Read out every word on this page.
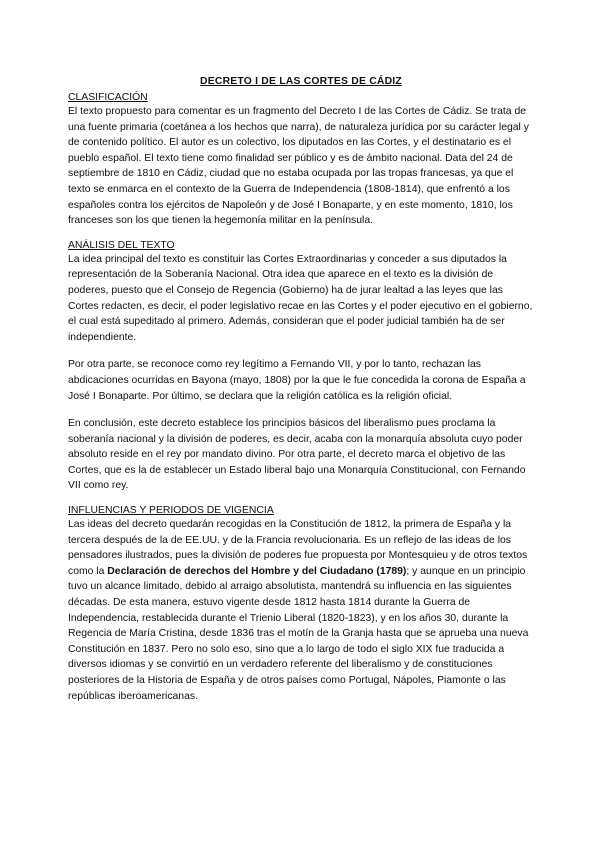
DECRETO I DE LAS CORTES DE CÁDIZ
CLASIFICACIÓN

El texto propuesto para comentar es un fragmento del Decreto I de las Cortes de Cádiz. Se trata de una fuente primaria (coetánea a los hechos que narra), de naturaleza jurídica por su carácter legal y de contenido político. El autor es un colectivo, los diputados en las Cortes, y el destinatario es el pueblo español. El texto tiene como finalidad ser público y es de ámbito nacional. Data del 24 de septiembre de 1810 en Cádiz, ciudad que no estaba ocupada por las tropas francesas, ya que el texto se enmarca en el contexto de la Guerra de Independencia (1808-1814), que enfrentó a los españoles contra los ejércitos de Napoleón y de José I Bonaparte, y en este momento, 1810, los franceses son los que tienen la hegemonía militar en la península.

ANÁLISIS DEL TEXTO

La idea principal del texto es constituir las Cortes Extraordinarias y conceder a sus diputados la representación de la Soberanía Nacional. Otra idea que aparece en el texto es la división de poderes, puesto que el Consejo de Regencia (Gobierno) ha de jurar lealtad a las leyes que las Cortes redacten, es decir, el poder legislativo recae en las Cortes y el poder ejecutivo en el gobierno, el cual está supeditado al primero. Además, consideran que el poder judicial también ha de ser independiente.

Por otra parte, se reconoce como rey legítimo a Fernando VII, y por lo tanto, rechazan las abdicaciones ocurridas en Bayona (mayo, 1808) por la que le fue concedida la corona de España a José I Bonaparte. Por último, se declara que la religión católica es la religión oficial.

En conclusión, este decreto establece los principios básicos del liberalismo pues proclama la soberanía nacional y la división de poderes, es decir, acaba con la monarquía absoluta cuyo poder absoluto reside en el rey por mandato divino. Por otra parte, el decreto marca el objetivo de las Cortes, que es la de establecer un Estado liberal bajo una Monarquía Constitucional, con Fernando VII como rey.

INFLUENCIAS Y PERIODOS DE VIGENCIA

Las ideas del decreto quedarán recogidas en la Constitución de 1812, la primera de España y la tercera después de la de EE.UU. y de la Francia revolucionaria. Es un reflejo de las ideas de los pensadores ilustrados, pues la división de poderes fue propuesta por Montesquieu y de otros textos como la Declaración de derechos del Hombre y del Ciudadano (1789); y aunque en un principio tuvo un alcance limitado, debido al arraigo absolutista, mantendrá su influencia en las siguientes décadas. De esta manera, estuvo vigente desde 1812 hasta 1814 durante la Guerra de Independencia, restablecida durante el Trienio Liberal (1820-1823), y en los años 30, durante la Regencia de María Cristina, desde 1836 tras el motín de la Granja hasta que se aprueba una nueva Constitución en 1837. Pero no solo eso, sino que a lo largo de todo el siglo XIX fue traducida a diversos idiomas y se convirtió en un verdadero referente del liberalismo y de constituciones posteriores de la Historia de España y de otros países como Portugal, Nápoles, Piamonte o las repúblicas iberoamericanas.
